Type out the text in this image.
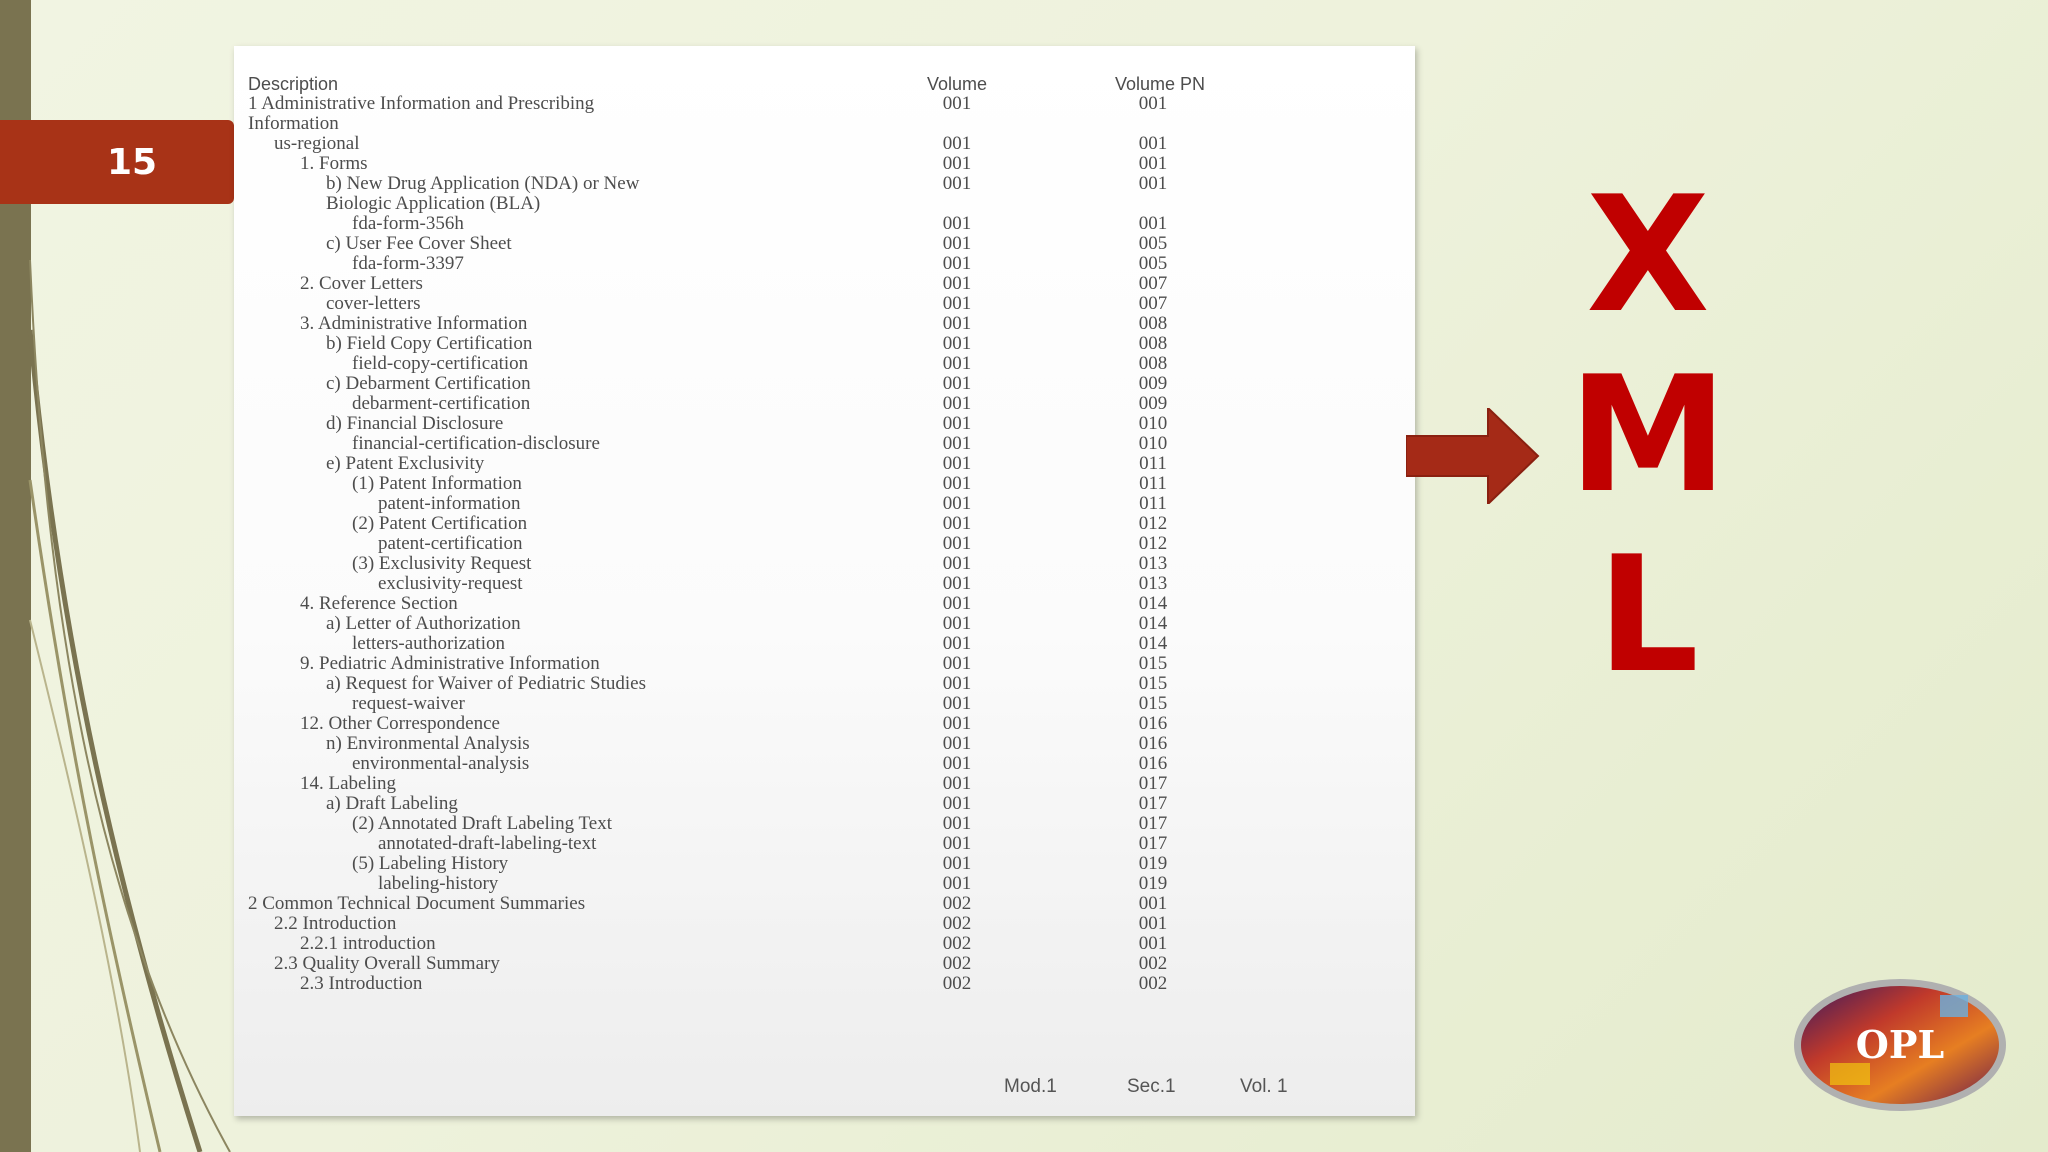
15
Description	Volume	Volume PN
1 Administrative Information and Prescribing	001	001
Information
us-regional	001	001
1. Forms	001	001
b) New Drug Application (NDA) or New	001	001
Biologic Application (BLA)
fda-form-356h	001	001
c) User Fee Cover Sheet	001	005
fda-form-3397	001	005
2. Cover Letters	001	007
cover-letters	001	007
3. Administrative Information	001	008
b) Field Copy Certification	001	008
field-copy-certification	001	008
c) Debarment Certification	001	009
debarment-certification	001	009
d) Financial Disclosure	001	010
financial-certification-disclosure	001	010
e) Patent Exclusivity	001	011
(1) Patent Information	001	011
patent-information	001	011
(2) Patent Certification	001	012
patent-certification	001	012
(3) Exclusivity Request	001	013
exclusivity-request	001	013
4. Reference Section	001	014
a) Letter of Authorization	001	014
letters-authorization	001	014
9. Pediatric Administrative Information	001	015
a) Request for Waiver of Pediatric Studies	001	015
request-waiver	001	015
12. Other Correspondence	001	016
n) Environmental Analysis	001	016
environmental-analysis	001	016
14. Labeling	001	017
a) Draft Labeling	001	017
(2) Annotated Draft Labeling Text	001	017
annotated-draft-labeling-text	001	017
(5) Labeling History	001	019
labeling-history	001	019
2 Common Technical Document Summaries	002	001
2.2 Introduction	002	001
2.2.1 introduction	002	001
2.3 Quality Overall Summary	002	002
2.3 Introduction	002	002
Mod.1	Sec.1	Vol. 1
X
M
L
OPL
